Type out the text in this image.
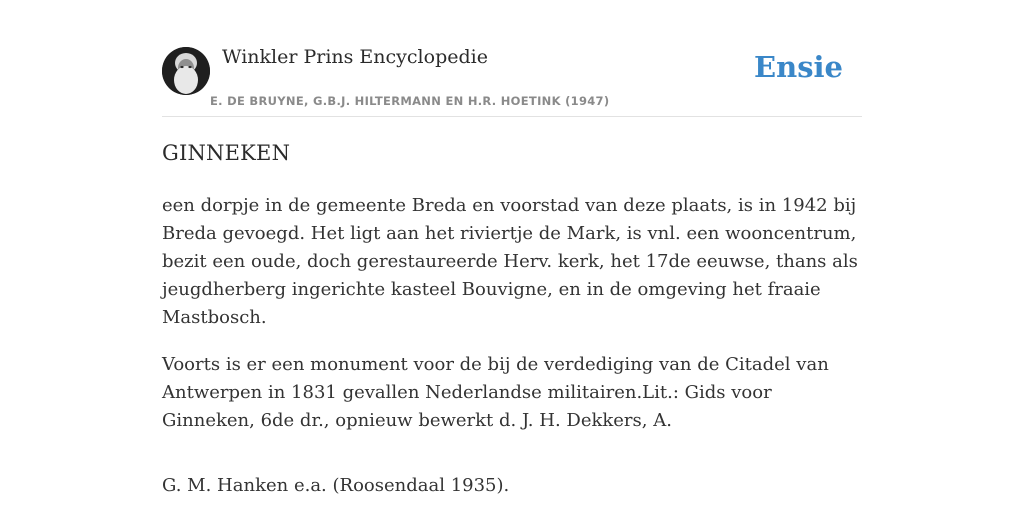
Winkler Prins Encyclopedie
E. DE BRUYNE, G.B.J. HILTERMANN EN H.R. HOETINK (1947)
Ensie
GINNEKEN

een dorpje in de gemeente Breda en voorstad van deze plaats, is in 1942 bij Breda gevoegd. Het ligt aan het riviertje de Mark, is vnl. een wooncentrum, bezit een oude, doch gerestaureerde Herv. kerk, het 17de eeuwse, thans als jeugdherberg ingerichte kasteel Bouvigne, en in de omgeving het fraaie Mastbosch.

Voorts is er een monument voor de bij de verdediging van de Citadel van Antwerpen in 1831 gevallen Nederlandse militairen.Lit.: Gids voor Ginneken, 6de dr., opnieuw bewerkt d. J. H. Dekkers, A.

G. M. Hanken e.a. (Roosendaal 1935).
